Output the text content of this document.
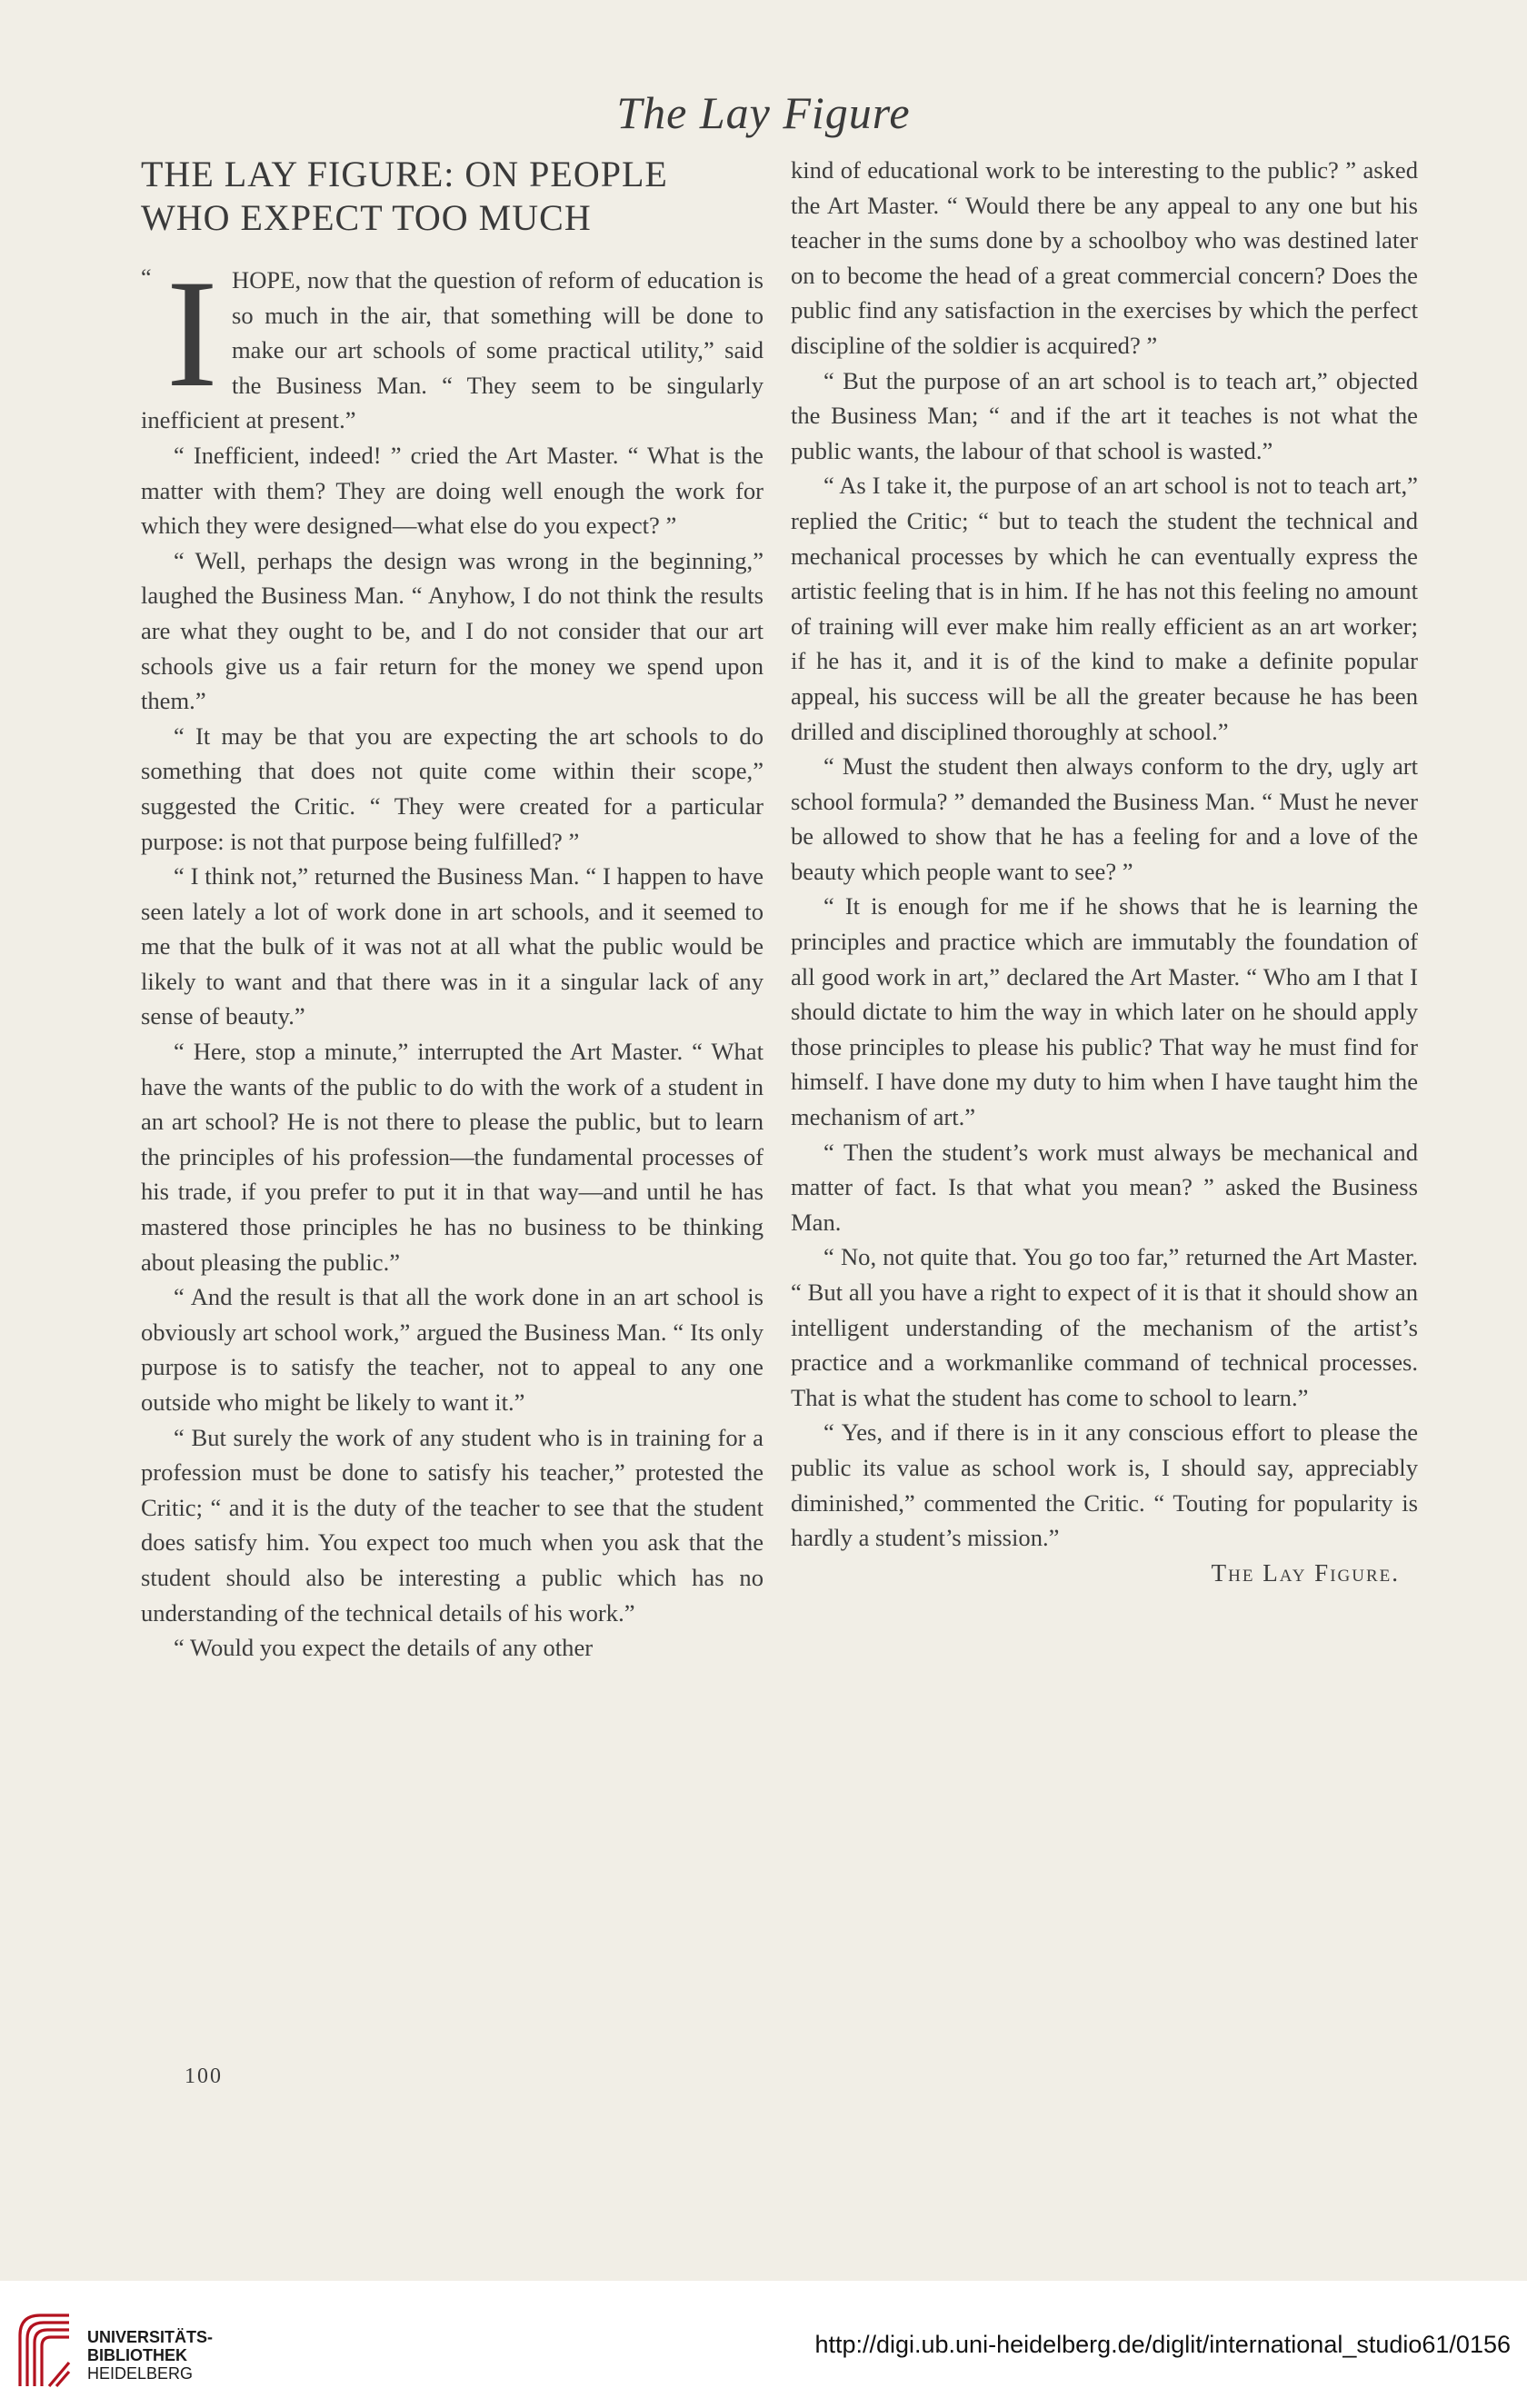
The Lay Figure
THE LAY FIGURE: ON PEOPLE WHO EXPECT TOO MUCH

“ I HOPE, now that the question of reform of education is so much in the air, that something will be done to make our art schools of some practical utility,” said the Business Man. “ They seem to be singularly inefficient at present.”

“ Inefficient, indeed! ” cried the Art Master. “ What is the matter with them? They are doing well enough the work for which they were designed—what else do you expect? ”

“ Well, perhaps the design was wrong in the beginning,” laughed the Business Man. “ Anyhow, I do not think the results are what they ought to be, and I do not consider that our art schools give us a fair return for the money we spend upon them.”

“ It may be that you are expecting the art schools to do something that does not quite come within their scope,” suggested the Critic. “ They were created for a particular purpose: is not that purpose being fulfilled? ”

“ I think not,” returned the Business Man. “ I happen to have seen lately a lot of work done in art schools, and it seemed to me that the bulk of it was not at all what the public would be likely to want and that there was in it a singular lack of any sense of beauty.”

“ Here, stop a minute,” interrupted the Art Master. “ What have the wants of the public to do with the work of a student in an art school? He is not there to please the public, but to learn the principles of his profession—the fundamental processes of his trade, if you prefer to put it in that way—and until he has mastered those principles he has no business to be thinking about pleasing the public.”

“ And the result is that all the work done in an art school is obviously art school work,” argued the Business Man. “ Its only purpose is to satisfy the teacher, not to appeal to any one outside who might be likely to want it.”

“ But surely the work of any student who is in training for a profession must be done to satisfy his teacher,” protested the Critic; “ and it is the duty of the teacher to see that the student does satisfy him. You expect too much when you ask that the student should also be interesting a public which has no understanding of the technical details of his work.”

“ Would you expect the details of any other

kind of educational work to be interesting to the public? ” asked the Art Master. “ Would there be any appeal to any one but his teacher in the sums done by a schoolboy who was destined later on to become the head of a great commercial concern? Does the public find any satisfaction in the exercises by which the perfect discipline of the soldier is acquired? ”

“ But the purpose of an art school is to teach art,” objected the Business Man; “ and if the art it teaches is not what the public wants, the labour of that school is wasted.”

“ As I take it, the purpose of an art school is not to teach art,” replied the Critic; “ but to teach the student the technical and mechanical processes by which he can eventually express the artistic feeling that is in him. If he has not this feeling no amount of training will ever make him really efficient as an art worker; if he has it, and it is of the kind to make a definite popular appeal, his success will be all the greater because he has been drilled and disciplined thoroughly at school.”

“ Must the student then always conform to the dry, ugly art school formula? ” demanded the Business Man. “ Must he never be allowed to show that he has a feeling for and a love of the beauty which people want to see? ”

“ It is enough for me if he shows that he is learning the principles and practice which are immutably the foundation of all good work in art,” declared the Art Master. “ Who am I that I should dictate to him the way in which later on he should apply those principles to please his public? That way he must find for himself. I have done my duty to him when I have taught him the mechanism of art.”

“ Then the student’s work must always be mechanical and matter of fact. Is that what you mean? ” asked the Business Man.

“ No, not quite that. You go too far,” returned the Art Master. “ But all you have a right to expect of it is that it should show an intelligent understanding of the mechanism of the artist’s practice and a workmanlike command of technical processes. That is what the student has come to school to learn.”

“ Yes, and if there is in it any conscious effort to please the public its value as school work is, I should say, appreciably diminished,” commented the Critic. “ Touting for popularity is hardly a student’s mission.”

The Lay Figure.
100
UNIVERSITÄTS-
BIBLIOTHEK
HEIDELBERG
http://digi.ub.uni-heidelberg.de/diglit/international_studio61/0156
